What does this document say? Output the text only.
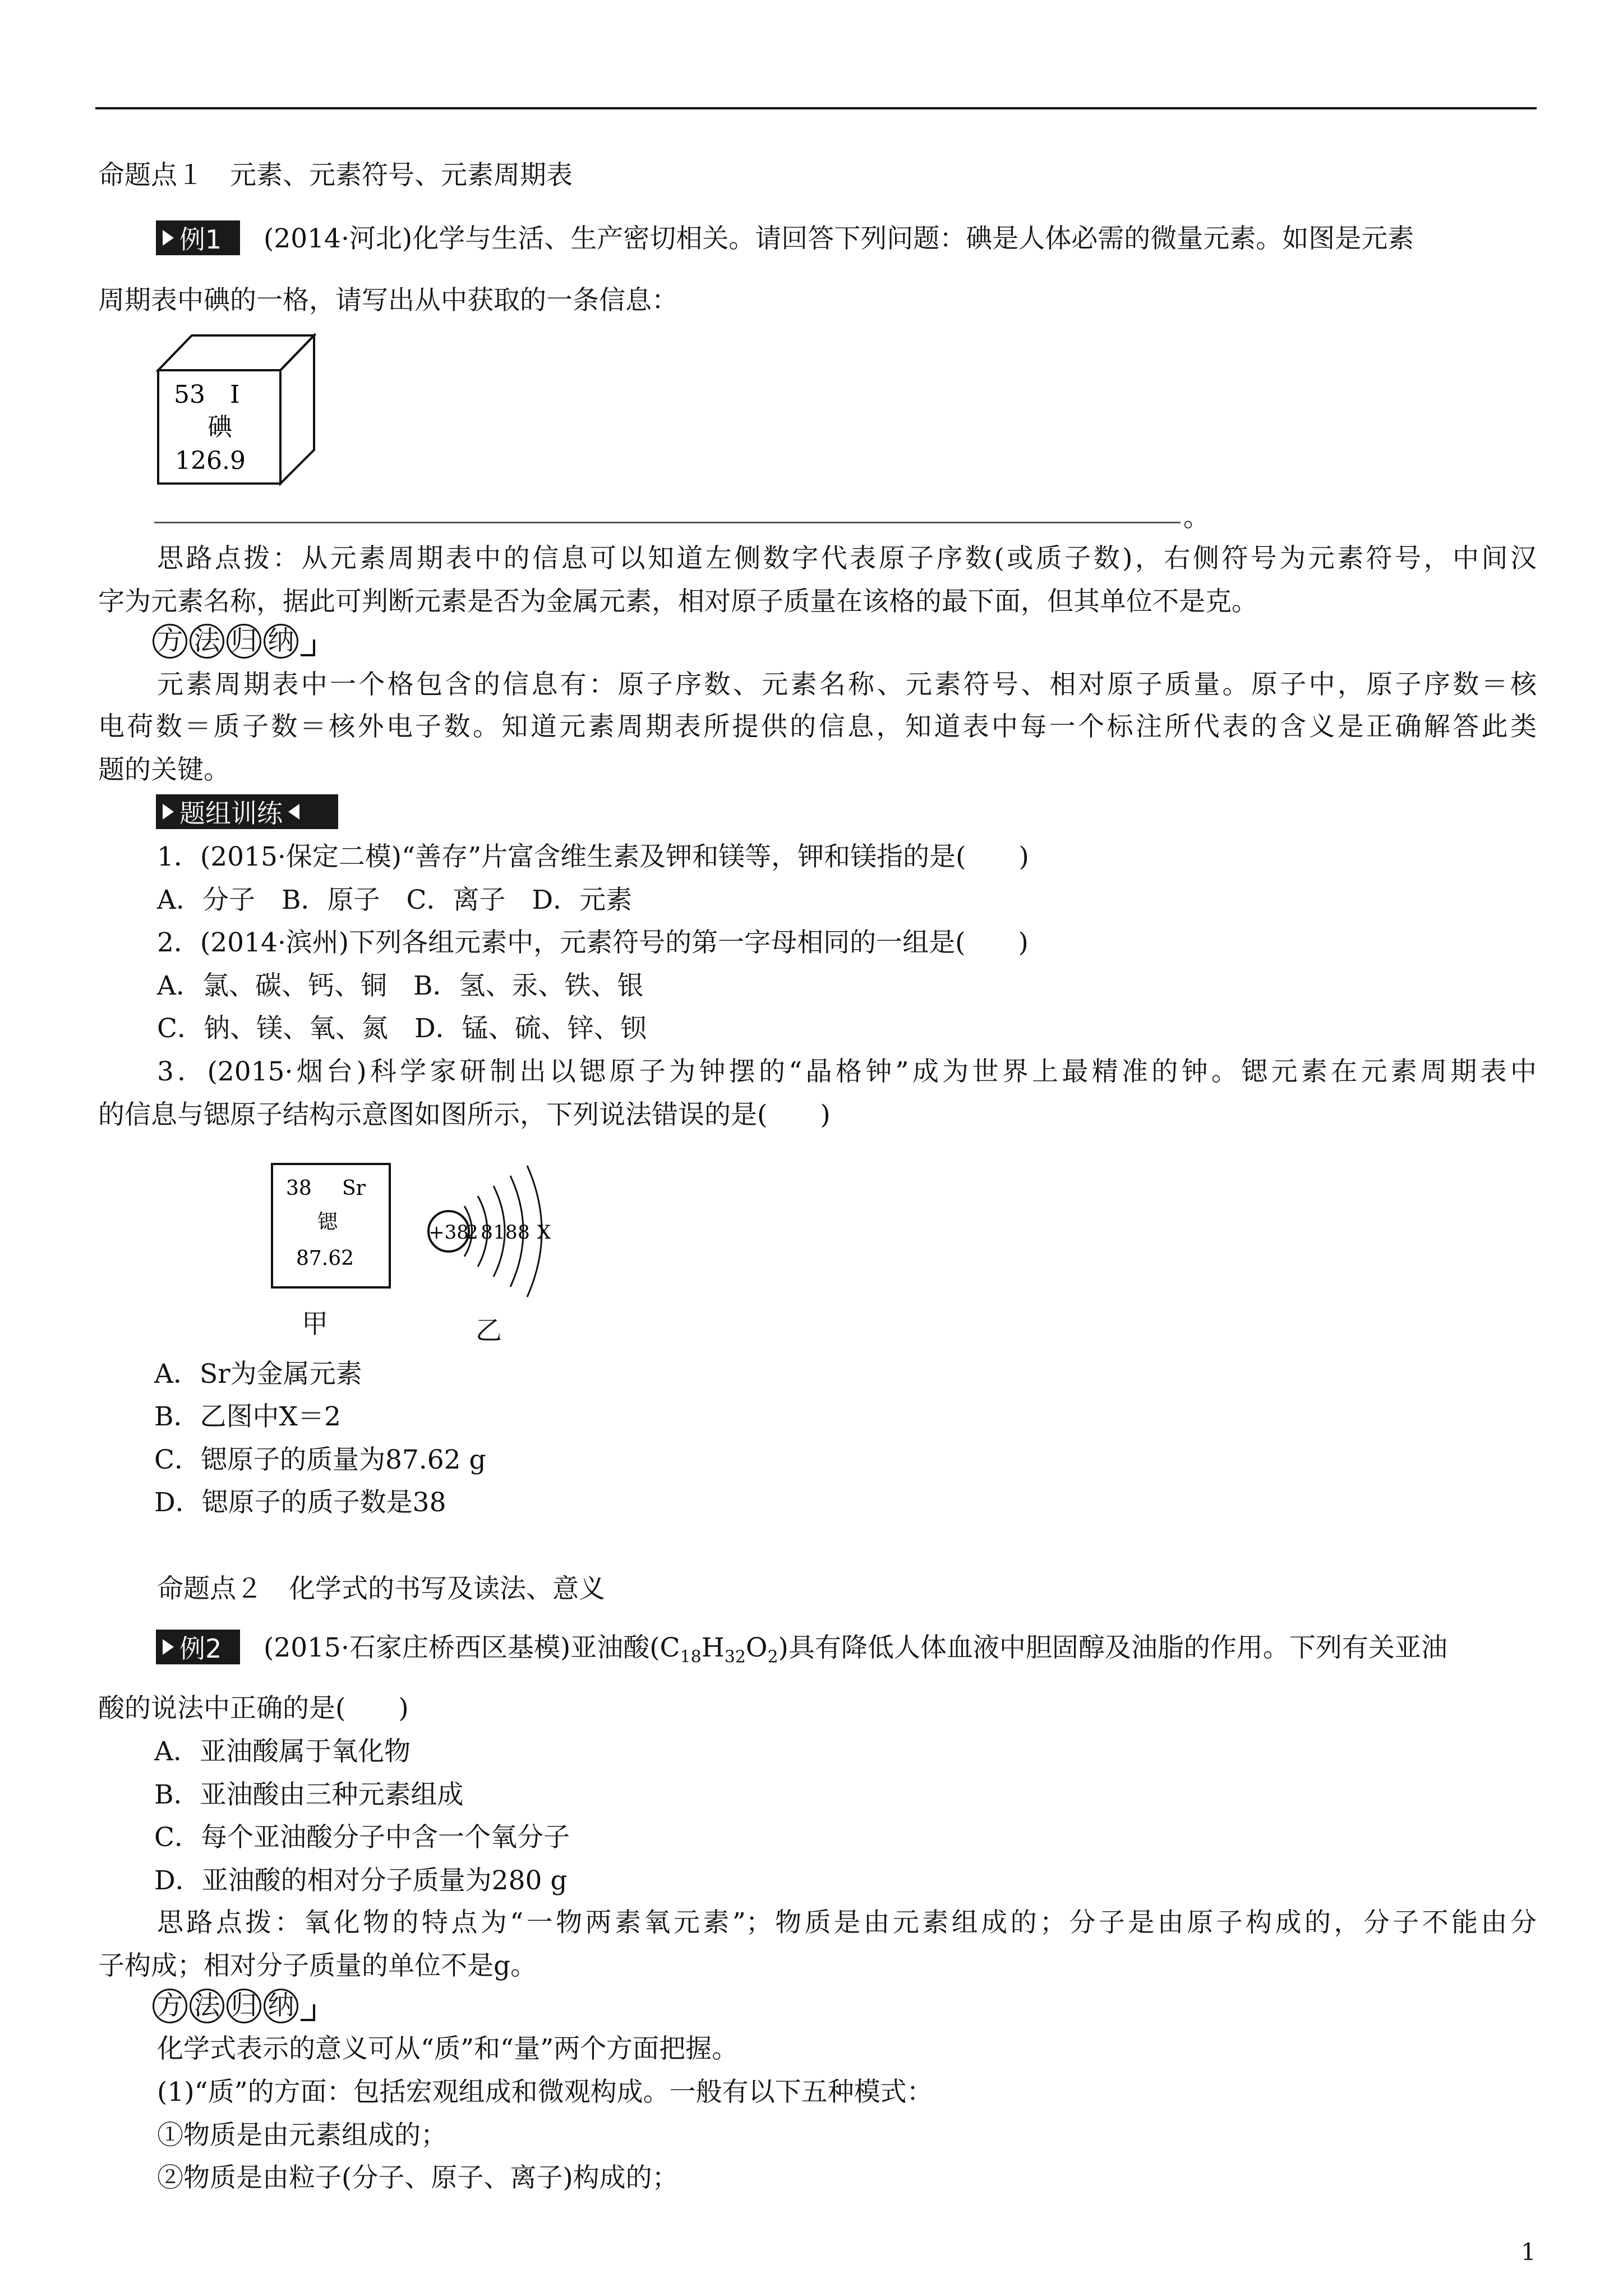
命题点１　元素、元素符号、元素周期表
例1 (2014·河北)化学与生活、生产密切相关。请回答下列问题：碘是人体必需的微量元素。如图是元素
周期表中碘的一格，请写出从中获取的一条信息：
53 I
碘
126.9
。
思路点拨：从元素周期表中的信息可以知道左侧数字代表原子序数(或质子数)，右侧符号为元素符号，中间汉
字为元素名称，据此可判断元素是否为金属元素，相对原子质量在该格的最下面，但其单位不是克。
方 法 归 纳
元素周期表中一个格包含的信息有：原子序数、元素名称、元素符号、相对原子质量。原子中，原子序数＝核
电荷数＝质子数＝核外电子数。知道元素周期表所提供的信息，知道表中每一个标注所代表的含义是正确解答此类
题的关键。
题组训练
1．(2015·保定二模)“善存”片富含维生素及钾和镁等，钾和镁指的是(　　)
A．分子　B．原子　C．离子　D．元素
2．(2014·滨州)下列各组元素中，元素符号的第一字母相同的一组是(　　)
A．氯、碳、钙、铜　B．氢、汞、铁、银
C．钠、镁、氧、氮　D．锰、硫、锌、钡
3．(2015·烟台)科学家研制出以锶原子为钟摆的“晶格钟”成为世界上最精准的钟。锶元素在元素周期表中
的信息与锶原子结构示意图如图所示，下列说法错误的是(　　)
38 Sr
锶
87.62
+38
2 8 18 8 X
甲	乙
A．Sr为金属元素
B．乙图中X＝2
C．锶原子的质量为87.62 g
D．锶原子的质子数是38
命题点２　化学式的书写及读法、意义
例2 (2015·石家庄桥西区基模)亚油酸$(C_{18}H_{32}O_2)$具有降低人体血液中胆固醇及油脂的作用。下列有关亚油
酸的说法中正确的是(　　)
A．亚油酸属于氧化物
B．亚油酸由三种元素组成
C．每个亚油酸分子中含一个氧分子
D．亚油酸的相对分子质量为280 g
思路点拨：氧化物的特点为“一物两素氧元素”；物质是由元素组成的；分子是由原子构成的，分子不能由分
子构成；相对分子质量的单位不是g。
方 法 归 纳
化学式表示的意义可从“质”和“量”两个方面把握。
(1)“质”的方面：包括宏观组成和微观构成。一般有以下五种模式：
①物质是由元素组成的；
②物质是由粒子(分子、原子、离子)构成的；
1
